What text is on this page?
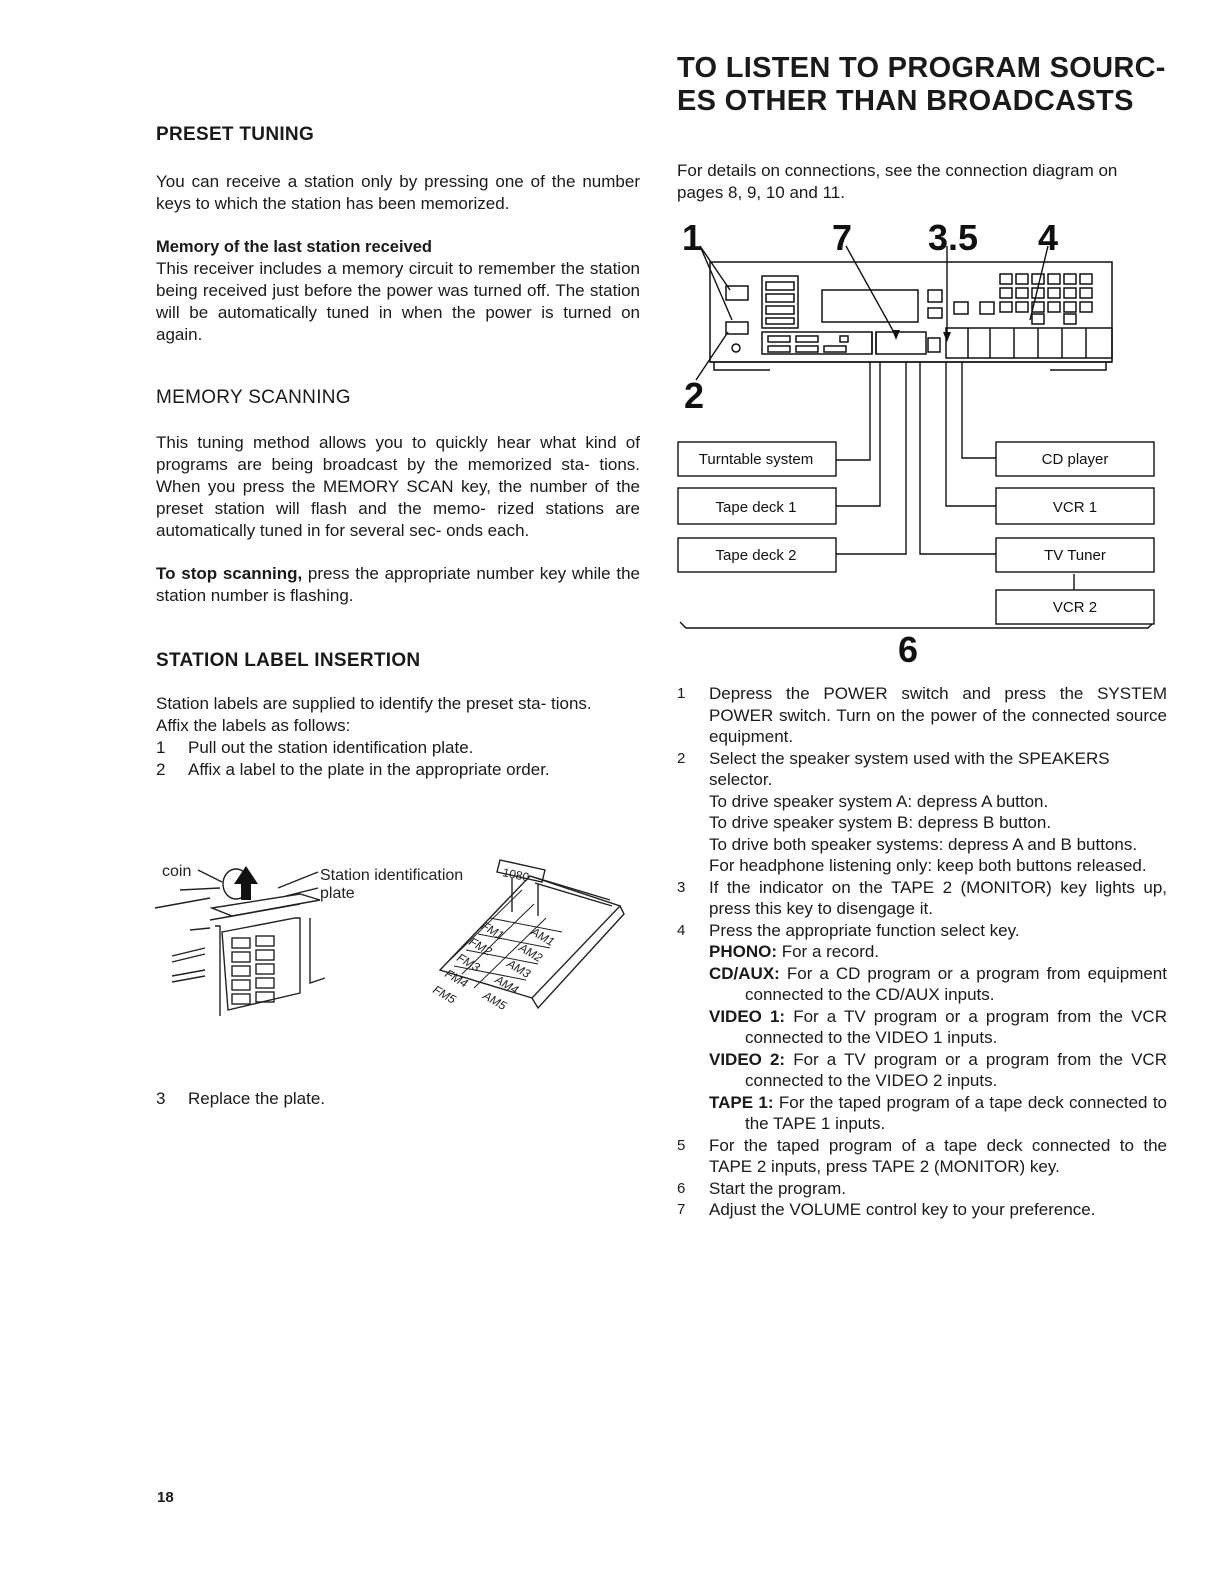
PRESET TUNING

You can receive a station only by pressing one of the number keys to which the station has been memorized.

Memory of the last station received

This receiver includes a memory circuit to remember the station being received just before the power was turned off. The station will be automatically tuned in when the power is turned on again.

MEMORY SCANNING

This tuning method allows you to quickly hear what kind of programs are being broadcast by the memorized sta- tions. When you press the MEMORY SCAN key, the number of the preset station will flash and the memo- rized stations are automatically tuned in for several sec- onds each.

To stop scanning, press the appropriate number key while the station number is flashing.

STATION LABEL INSERTION

Station labels are supplied to identify the preset sta- tions.

Affix the labels as follows:

1 Pull out the station identification plate.
2 Affix a label to the plate in the appropriate order.
coin	Station identification
plate
1080
FM1
FM2
FM3
FM4
FM5
AM1
AM2
AM3
AM4
AM5
3 Replace the plate.
TO LISTEN TO PROGRAM SOURC-
ES OTHER THAN BROADCASTS

For details on connections, see the connection diagram on pages 8, 9, 10 and 11.

1	7 3.5 4
2
6
Turntable system
Tape deck 1
Tape deck 2
CD player
VCR 1
TV Tuner
VCR 2
1 Depress the POWER switch and press the SYSTEM POWER switch. Turn on the power of the connected source equipment.
2 Select the speaker system used with the SPEAKERS selector.
To drive speaker system A: depress A button.
To drive speaker system B: depress B button.
To drive both speaker systems: depress A and B buttons.
For headphone listening only: keep both buttons released.
3 If the indicator on the TAPE 2 (MONITOR) key lights up, press this key to disengage it.
4 Press the appropriate function select key.
PHONO: For a record.
CD/AUX: For a CD program or a program from equipment connected to the CD/AUX inputs.
VIDEO 1: For a TV program or a program from the VCR connected to the VIDEO 1 inputs.
VIDEO 2: For a TV program or a program from the VCR connected to the VIDEO 2 inputs.
TAPE 1: For the taped program of a tape deck connected to the TAPE 1 inputs.
5 For the taped program of a tape deck connected to the TAPE 2 inputs, press TAPE 2 (MONITOR) key.
6 Start the program.
7 Adjust the VOLUME control key to your preference.
18
